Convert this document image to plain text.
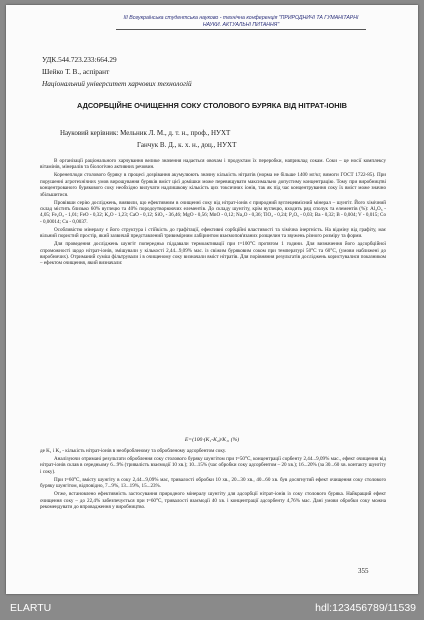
ІІІ Всеукраїнська студентська науково - технічна конференція "ПРИРОДНИЧІ ТА ГУМАНІТАРНІ НАУКИ. АКТУАЛЬНІ ПИТАННЯ"
УДК.544.723.233:664.29
Шейко Т. В., аспірант
Національний університет харчових технологій
АДСОРБЦІЙНЕ ОЧИЩЕННЯ СОКУ СТОЛОВОГО БУРЯКА ВІД НІТРАТ-ІОНІВ
Науковий керівник: Мельник Л. М., д. т. н., проф., НУХТ
Ганчук В. Д., к. х. н., доц., НУХТ

В організації раціонального харчування велике значення надається овочам і продуктам їх переробки, наприклад сокам. Соки – це носії комплексу вітамінів, мінералів та біологічно активних речовин.

Коренеплоди столового буряку в процесі дозрівання акумулюють значну кількість нітратів (норма не більше 1400 мг/кг, вимоги ГОСТ 1722-85). При порушенні агротехнічних умов вирощування буряків вміст цієї домішки може перевищувати максимально допустиму концентрацію. Тому при виробництві концентрованого бурякового соку необхідно вилучати надлишкову кількість цих токсичних іонів, так як під час концентрування соку їх вміст може значно збільшитися.

Провівши серію досліджень, виявили, що ефективним в очищенні соку від нітрат-іонів є природний вуглецевмісний мінерал – шунгіт. Його хімічний склад містить близько 60% вуглецю та 40% породоутворюючих елементів. До складу шунгіту, крім вуглецю, входить ряд сполук та елементів (%): Al₂O₃ - 4,05; Fe₂O₃ - 1,01; FeO - 0,32; K₂O - 1,23; CaO - 0,12; SiO₂ - 36,46; MgO - 0,56; MnO - 0,12; Na₂O - 0,36; TiO₂ - 0,24; P₂O₅ - 0,03; Ba - 0,32; B - 0,004; V - 0,015; Co - 0,00014; Cu - 0,0037.

Особливістю мінералу є його структура і стійкість до графітації, ефективні сорбційні властивості та хімічна інертність. На відміну від графіту, має вільний пористий простір, який зазвичай представлений тривимірним лабіринтом взаємопов'язаних розщелин та звужень різного розміру та форми.

Для проведення досліджень шунгіт попередньо піддавали термоактивації при t=100°С протягом 1 години. Для визначення його адсорбційної спроможності щодо нітрат-іонів, змішували у кількості 2,44...9,09% мас. із свіжим буряковим соком при температурі 50°С та 60°С, (умови наближені до виробничих). Отриманий суміш фільтрували і в очищеному соку визначали вміст нітратів. Для порівняння результатів досліджень користувалися показником – ефектом очищення, який визначали:

E=(100·(K₁-K₂)/K₁, (%)

де K₁ і K₂ - кількість нітрат-іонів в необробленому та обробленому адсорбентом соку.

Аналізуючи отримані результати оброблення соку столового буряку шунгітом при t=50°С, концентрації сорбенту 2,44...9,09% мас., ефект очищення від нітрат-іонів склав в середньому 6...9% (тривалість взаємодії 10 хв.); 10...15% (час обробки соку адсорбентом – 20 хв.); 16...20% (за 30...60 хв. контакту шунгіту і соку).

При t=60°С, вмісту шунгіту в соку 2,44...9,09% мас, тривалості обробки 10 хв., 20...30 хв., 40...60 хв. був досягнутий ефект очищення соку столового буряку шунгітом, відповідно, 7...9%, 13...19%, 15...23%.

Отже, встановлено ефективність застосування природного мінералу шунгіту для адсорбції нітрат-іонів із соку столового буряка. Найкращий ефект очищення соку – до 22,4% забезпечується при t=60°С, тривалості взаємодії 40 хв. і концентрації адсорбенту 4,76% мас. Дані умови обробки соку можна рекомендувати до впровадження у виробництво.

355
ELARTU	hdl:123456789/11539
